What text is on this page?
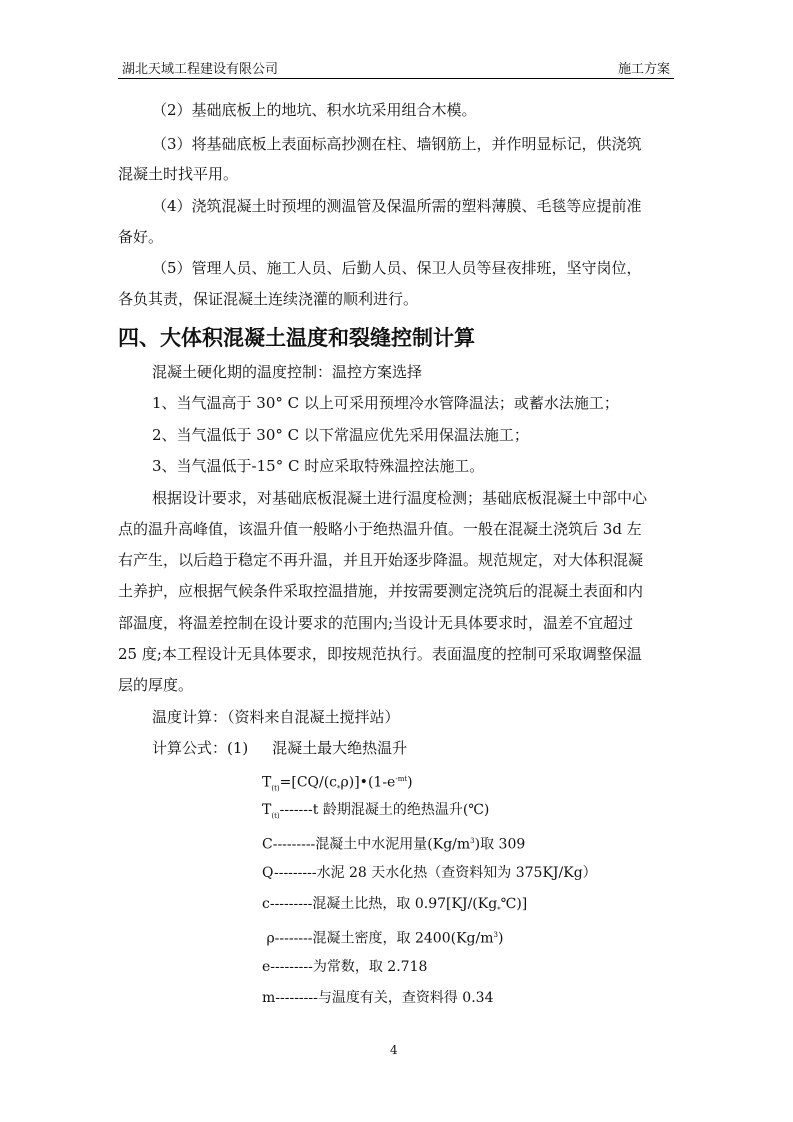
湖北天域工程建设有限公司	施工方案
（2）基础底板上的地坑、积水坑采用组合木模。
（3）将基础底板上表面标高抄测在柱、墙钢筋上，并作明显标记，供浇筑
混凝土时找平用。
（4）浇筑混凝土时预埋的测温管及保温所需的塑料薄膜、毛毯等应提前准
备好。
（5）管理人员、施工人员、后勤人员、保卫人员等昼夜排班，坚守岗位，
各负其责，保证混凝土连续浇灌的顺利进行。
四、大体积混凝土温度和裂缝控制计算
混凝土硬化期的温度控制：温控方案选择
1、当气温高于 30° C 以上可采用预埋冷水管降温法；或蓄水法施工；
2、当气温低于 30° C 以下常温应优先采用保温法施工；
3、当气温低于-15° C 时应采取特殊温控法施工。
根据设计要求，对基础底板混凝土进行温度检测；基础底板混凝土中部中心
点的温升高峰值，该温升值一般略小于绝热温升值。一般在混凝土浇筑后 3d 左
右产生，以后趋于稳定不再升温，并且开始逐步降温。规范规定，对大体积混凝
土养护，应根据气候条件采取控温措施，并按需要测定浇筑后的混凝土表面和内
部温度，将温差控制在设计要求的范围内;当设计无具体要求时，温差不宜超过
25 度;本工程设计无具体要求，即按规范执行。表面温度的控制可采取调整保温
层的厚度。
温度计算：（资料来自混凝土搅拌站）
计算公式：(1)     混凝土最大绝热温升
$T_{(t)}=[CQ/(c_*\rho)]•(1-e^{-mt})$
$T_{(t)}-------t$ 龄期混凝土的绝热温升(℃)
C---------混凝土中水泥用量$(Kg/m^3)$取 309
Q---------水泥 28 天水化热（查资料知为 375KJ/Kg）
c---------混凝土比热，取 $0.97[KJ/(Kg_*℃)]$
ρ--------混凝土密度，取 $2400(Kg/m^3)$
e---------为常数，取 2.718
m---------与温度有关，查资料得 0.34
4
